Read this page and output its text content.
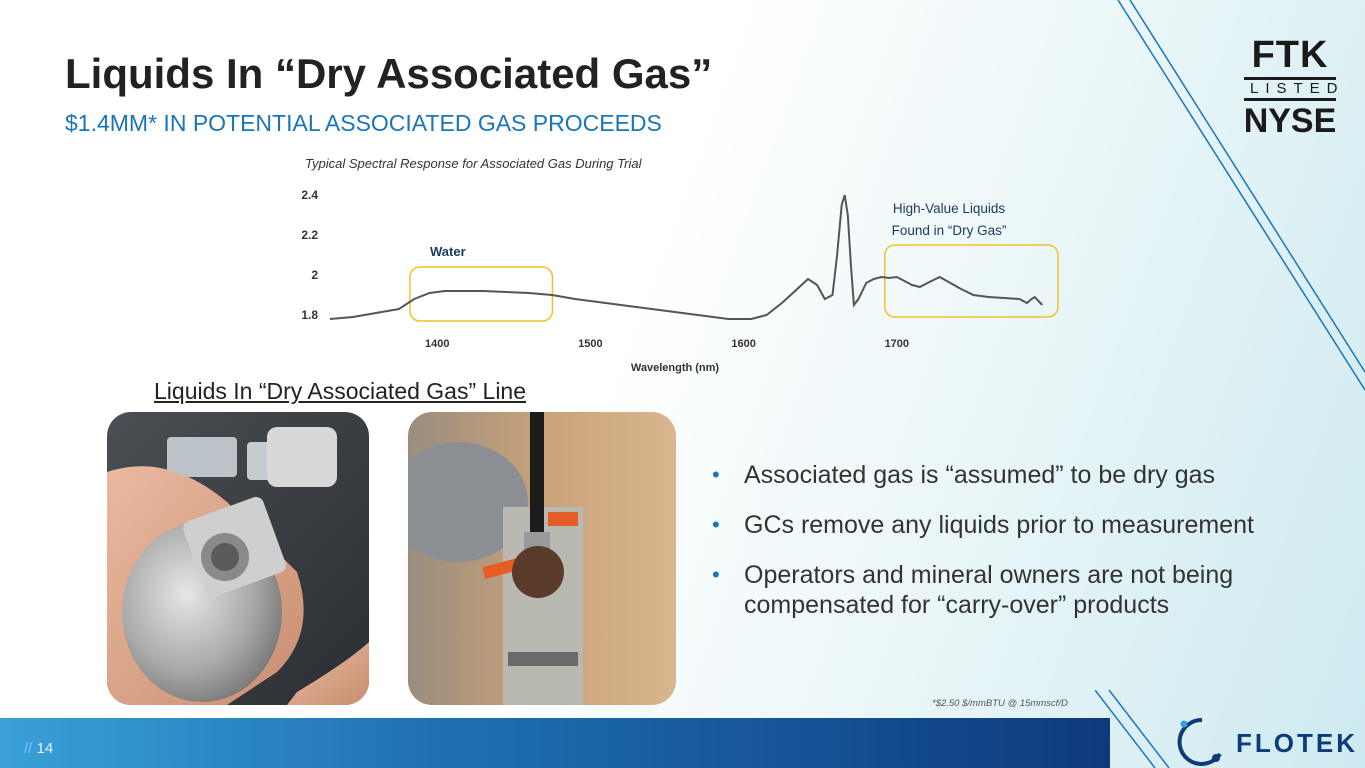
Liquids In “Dry Associated Gas”
$1.4MM* IN POTENTIAL ASSOCIATED GAS PROCEEDS
FTK
LISTED
NYSE
Typical Spectral Response for Associated Gas During Trial
2.4
2.2
2
1.8
1400	1500	1600	1700
Wavelength (nm)
Water
High-Value Liquids
Found in “Dry Gas”
Liquids In “Dry Associated Gas” Line
• Associated gas is “assumed” to be dry gas
• GCs remove any liquids prior to measurement
• Operators and mineral owners are not being compensated for “carry-over” products
*$2.50 $/mmBTU @ 15mmscf/D
// 14	FLOTEK
